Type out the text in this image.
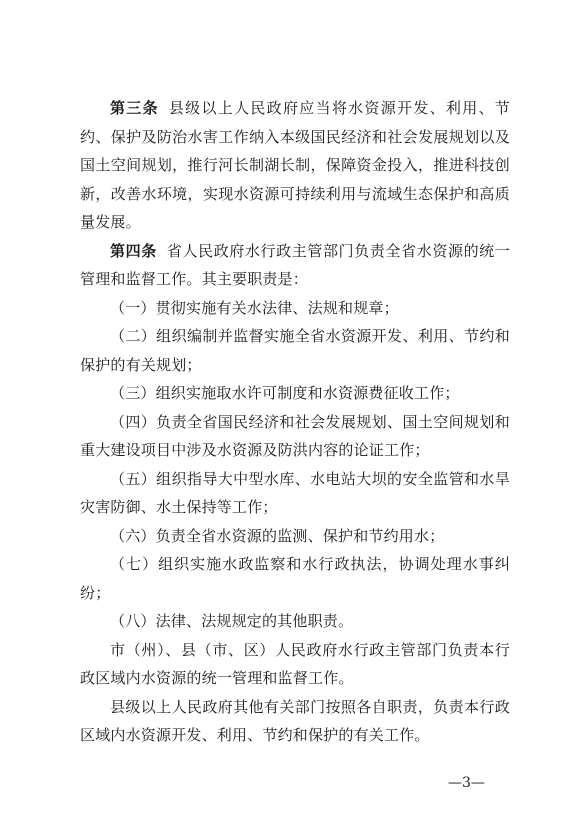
第三条 县级以上人民政府应当将水资源开发、利用、节约、保护及防治水害工作纳入本级国民经济和社会发展规划以及国土空间规划，推行河长制湖长制，保障资金投入，推进科技创新，改善水环境，实现水资源可持续利用与流域生态保护和高质量发展。

第四条 省人民政府水行政主管部门负责全省水资源的统一管理和监督工作。其主要职责是：

（一）贯彻实施有关水法律、法规和规章；

（二）组织编制并监督实施全省水资源开发、利用、节约和保护的有关规划；

（三）组织实施取水许可制度和水资源费征收工作；

（四）负责全省国民经济和社会发展规划、国土空间规划和重大建设项目中涉及水资源及防洪内容的论证工作；

（五）组织指导大中型水库、水电站大坝的安全监管和水旱灾害防御、水土保持等工作；

（六）负责全省水资源的监测、保护和节约用水；

（七）组织实施水政监察和水行政执法，协调处理水事纠纷；

（八）法律、法规规定的其他职责。

市（州）、县（市、区）人民政府水行政主管部门负责本行政区域内水资源的统一管理和监督工作。

县级以上人民政府其他有关部门按照各自职责，负责本行政区域内水资源开发、利用、节约和保护的有关工作。

—3—
